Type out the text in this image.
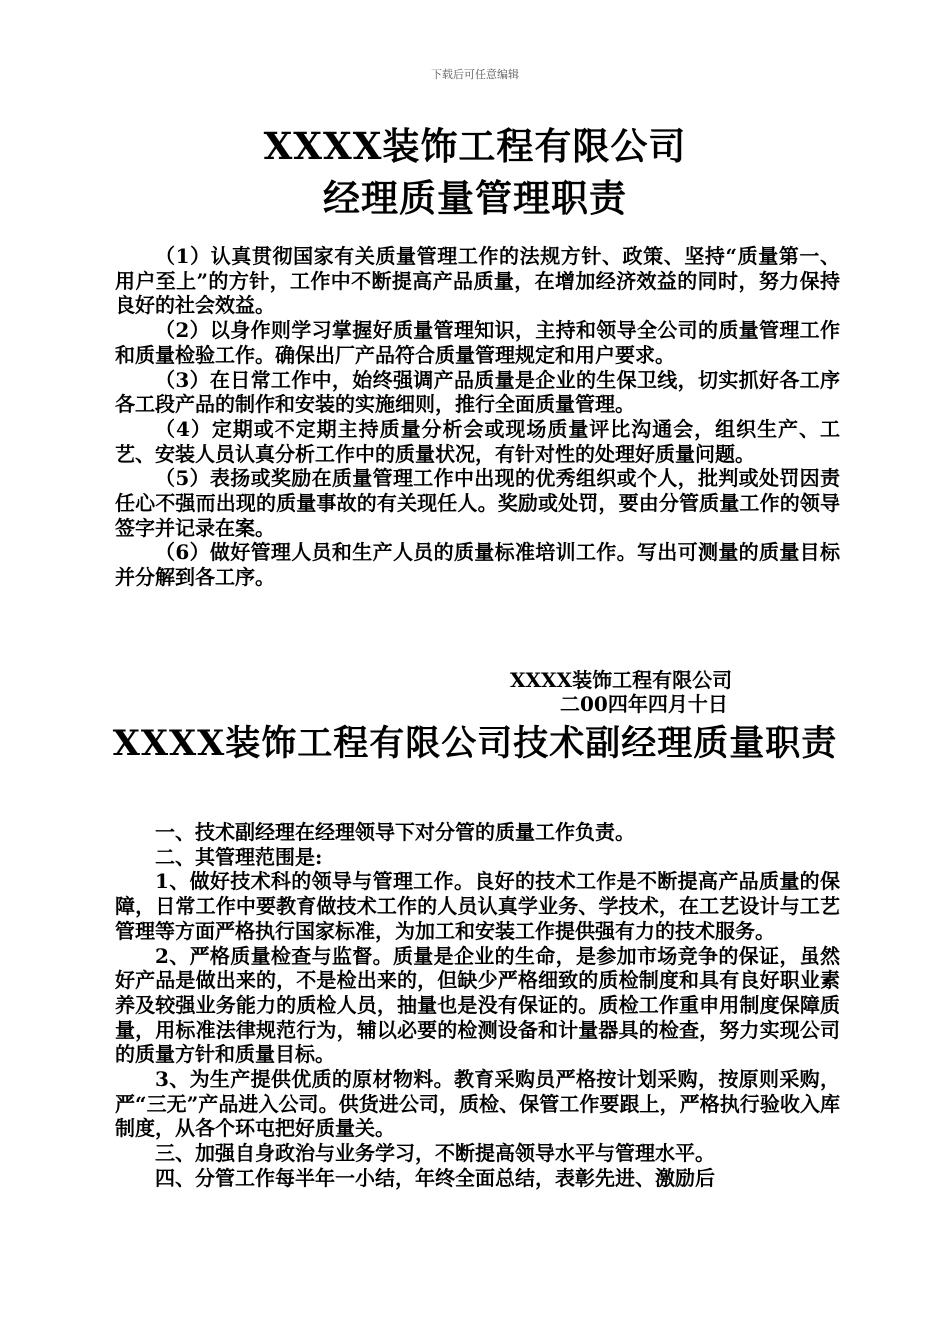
下载后可任意编辑
XXXX装饰工程有限公司
经理质量管理职责

（1）认真贯彻国家有关质量管理工作的法规方针、政策、坚持“质量第一、用户至上”的方针，工作中不断提高产品质量，在增加经济效益的同时，努力保持良好的社会效益。

（2）以身作则学习掌握好质量管理知识，主持和领导全公司的质量管理工作和质量检验工作。确保出厂产品符合质量管理规定和用户要求。

（3）在日常工作中，始终强调产品质量是企业的生保卫线，切实抓好各工序各工段产品的制作和安装的实施细则，推行全面质量管理。

（4）定期或不定期主持质量分析会或现场质量评比沟通会，组织生产、工艺、安装人员认真分析工作中的质量状况，有针对性的处理好质量问题。

（5）表扬或奖励在质量管理工作中出现的优秀组织或个人，批判或处罚因责任心不强而出现的质量事故的有关现任人。奖励或处罚，要由分管质量工作的领导签字并记录在案。

（6）做好管理人员和生产人员的质量标准培训工作。写出可测量的质量目标并分解到各工序。

XXXX装饰工程有限公司
二00四年四月十日
XXXX装饰工程有限公司技术副经理质量职责

一、技术副经理在经理领导下对分管的质量工作负责。

二、其管理范围是:

1、做好技术科的领导与管理工作。良好的技术工作是不断提高产品质量的保障，日常工作中要教育做技术工作的人员认真学业务、学技术，在工艺设计与工艺管理等方面严格执行国家标准，为加工和安装工作提供强有力的技术服务。

2、严格质量检查与监督。质量是企业的生命，是参加市场竞争的保证，虽然好产品是做出来的，不是检出来的，但缺少严格细致的质检制度和具有良好职业素养及较强业务能力的质检人员，抽量也是没有保证的。质检工作重申用制度保障质量，用标准法律规范行为，辅以必要的检测设备和计量器具的检查，努力实现公司的质量方针和质量目标。

3、为生产提供优质的原材物料。教育采购员严格按计划采购，按原则采购，严“三无”产品进入公司。供货进公司，质检、保管工作要跟上，严格执行验收入库制度，从各个环屯把好质量关。

三、加强自身政治与业务学习，不断提高领导水平与管理水平。

四、分管工作每半年一小结，年终全面总结，表彰先进、激励后
